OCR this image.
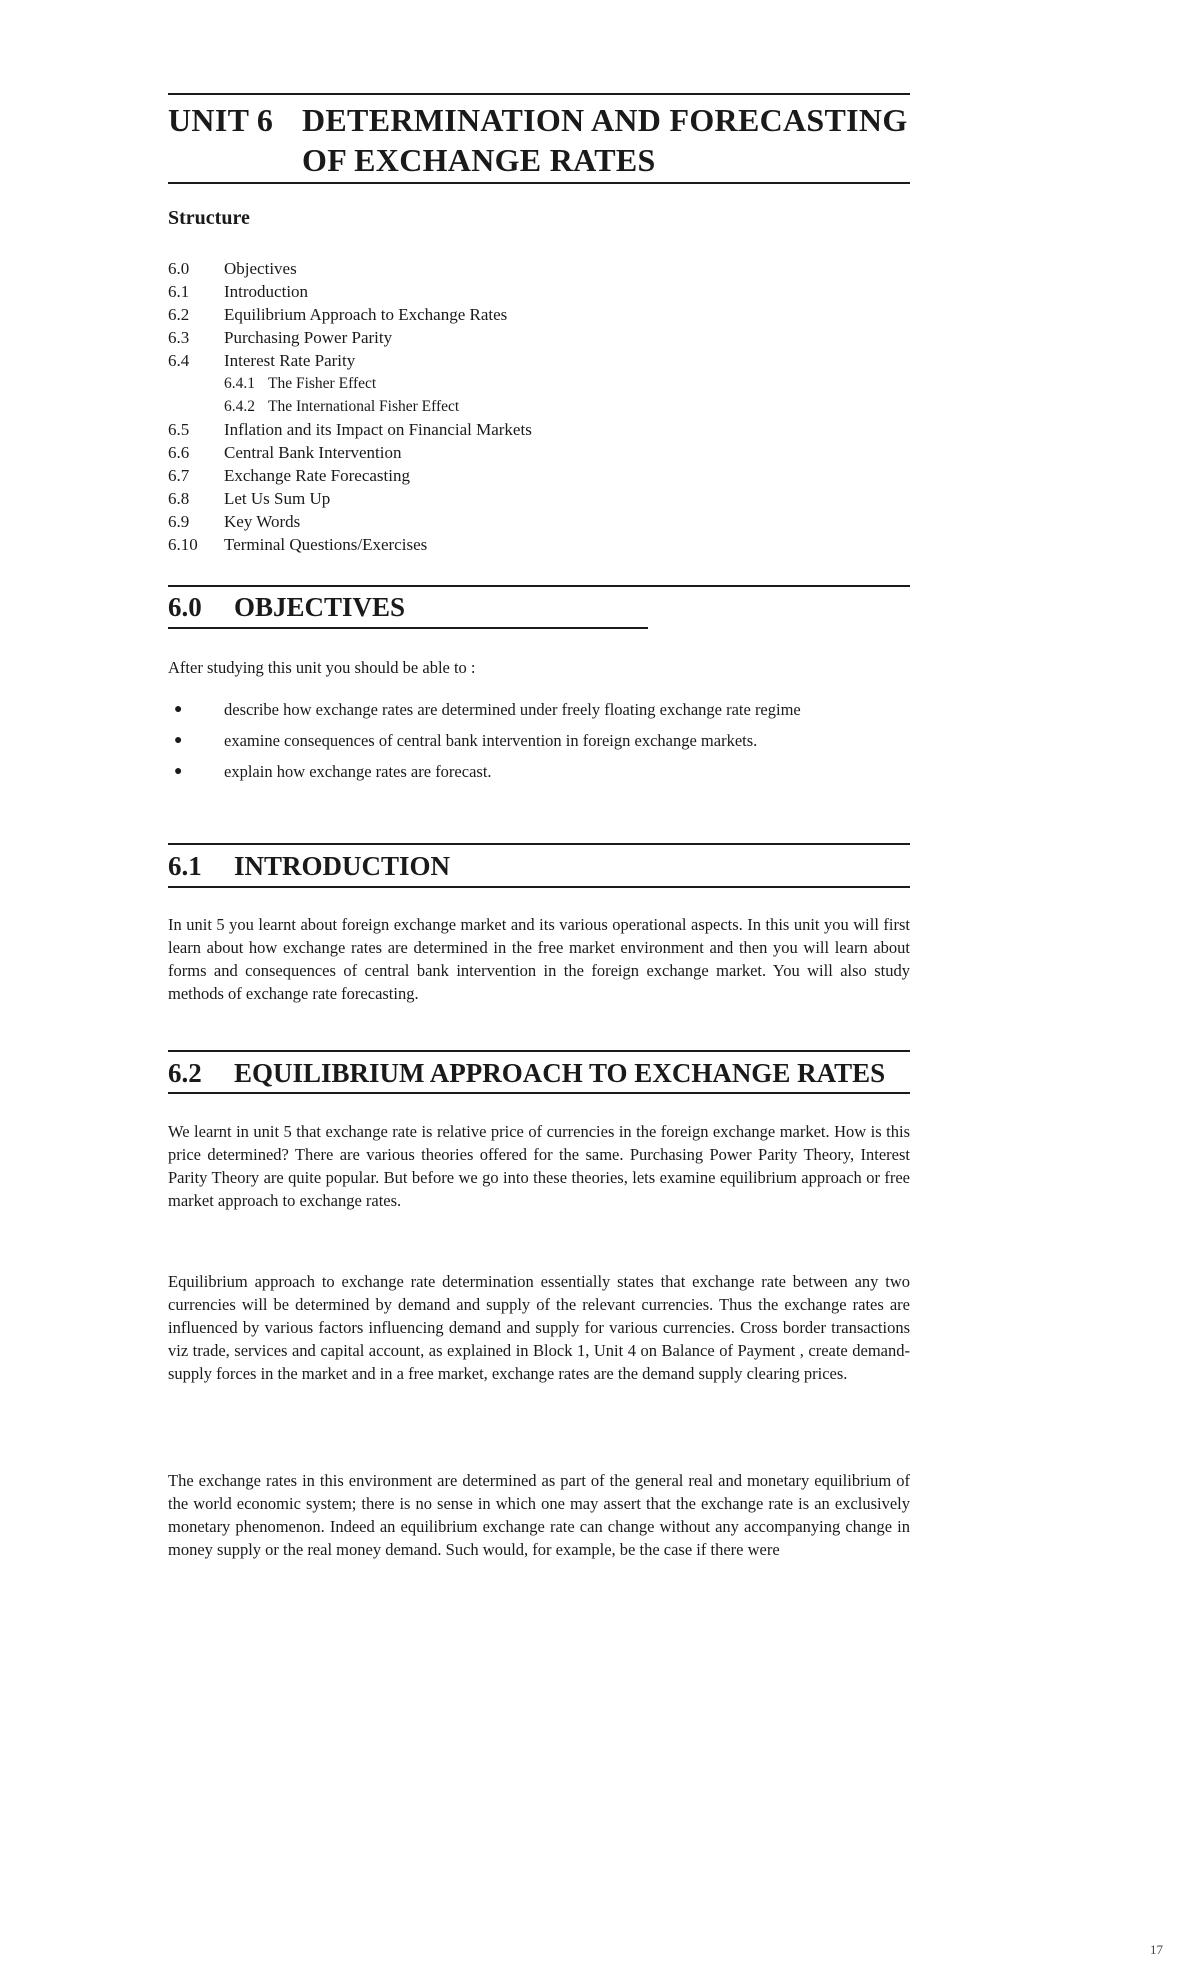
UNIT 6 DETERMINATION AND FORECASTING OF EXCHANGE RATES
Structure
6.0	Objectives
6.1	Introduction
6.2	Equilibrium Approach to Exchange Rates
6.3	Purchasing Power Parity
6.4	Interest Rate Parity
6.4.1 The Fisher Effect
6.4.2 The International Fisher Effect
6.5	Inflation and its Impact on Financial Markets
6.6	Central Bank Intervention
6.7	Exchange Rate Forecasting
6.8	Let Us Sum Up
6.9	Key Words
6.10	Terminal Questions/Exercises
6.0 OBJECTIVES
After studying this unit you should be able to :
●	describe how exchange rates are determined under freely floating exchange rate regime
●	examine consequences of central bank intervention in foreign exchange markets.
●	explain how exchange rates are forecast.
6.1 INTRODUCTION

In unit 5 you learnt about foreign exchange market and its various operational aspects. In this unit you will first learn about how exchange rates are determined in the free market environment and then you will learn about forms and consequences of central bank intervention in the foreign exchange market. You will also study methods of exchange rate forecasting.

6.2 EQUILIBRIUM APPROACH TO EXCHANGE RATES

We learnt in unit 5 that exchange rate is relative price of currencies in the foreign exchange market. How is this price determined? There are various theories offered for the same. Purchasing Power Parity Theory, Interest Parity Theory are quite popular. But before we go into these theories, lets examine equilibrium approach or free market approach to exchange rates.

Equilibrium approach to exchange rate determination essentially states that exchange rate between any two currencies will be determined by demand and supply of the relevant currencies. Thus the exchange rates are influenced by various factors influencing demand and supply for various currencies. Cross border transactions viz trade, services and capital account, as explained in Block 1, Unit 4 on Balance of Payment , create demand- supply forces in the market and in a free market, exchange rates are the demand supply clearing prices.

The exchange rates in this environment are determined as part of the general real and monetary equilibrium of the world economic system; there is no sense in which one may assert that the exchange rate is an exclusively monetary phenomenon. Indeed an equilibrium exchange rate can change without any accompanying change in money supply or the real money demand. Such would, for example, be the case if there were

17
